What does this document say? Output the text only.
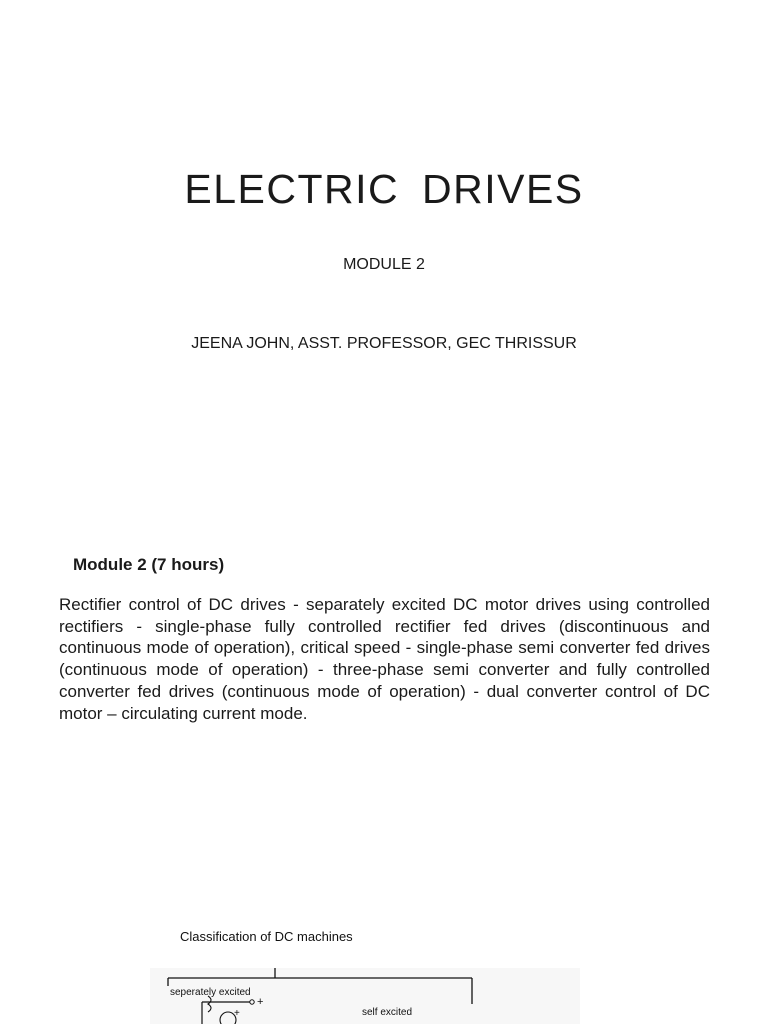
ELECTRIC DRIVES
MODULE 2
JEENA JOHN, ASST. PROFESSOR, GEC THRISSUR
Module 2 (7 hours)
Rectifier control of DC drives - separately excited DC motor drives using controlled rectifiers - single-phase fully controlled rectifier fed drives (discontinuous and continuous mode of operation), critical speed - single-phase semi converter fed drives (continuous mode of operation) - three-phase semi converter and fully controlled converter fed drives (continuous mode of operation) - dual converter control of DC motor – circulating current mode.
Classification of DC machines
seperately excited
self excited
+
+
